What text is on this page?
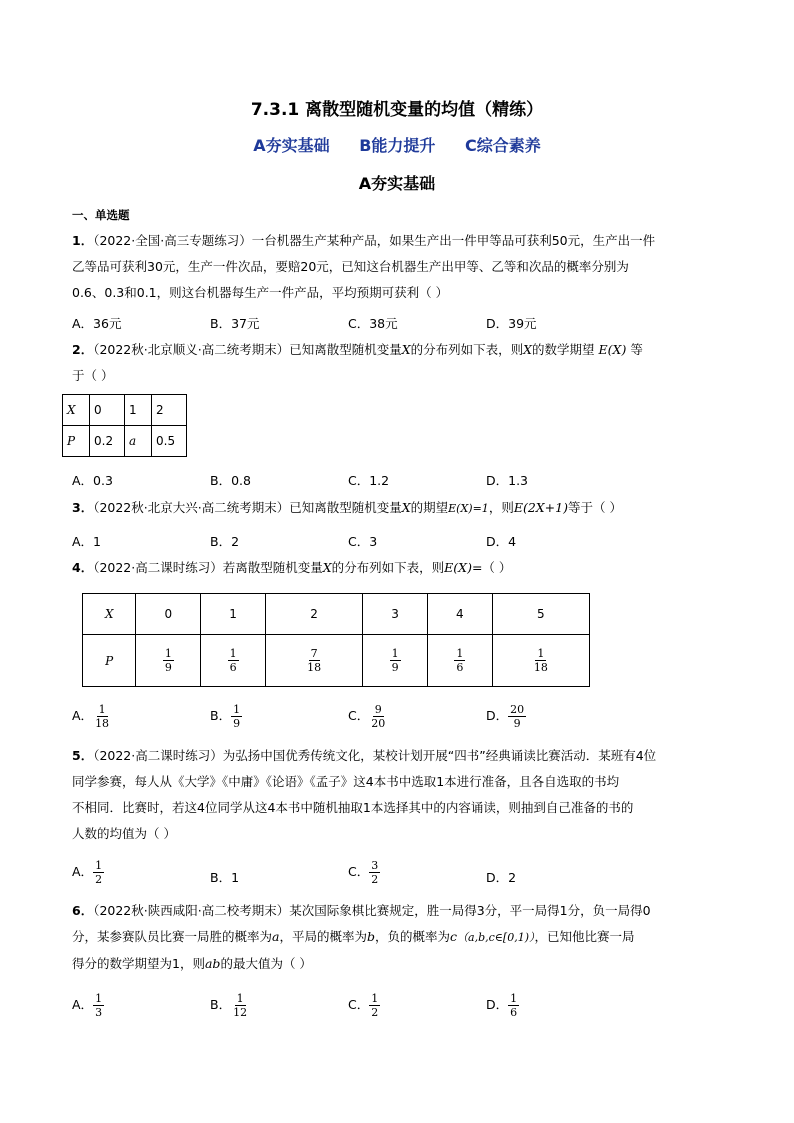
7.3.1 离散型随机变量的均值（精练）
A夯实基础 B能力提升 C综合素养
A夯实基础
一、单选题
1．（2022·全国·高三专题练习）一台机器生产某种产品，如果生产出一件甲等品可获利50元，生产出一件
乙等品可获利30元，生产一件次品，要赔20元，已知这台机器生产出甲等、乙等和次品的概率分别为
0.6、0.3和0.1，则这台机器每生产一件产品，平均预期可获利（ ）
A．36元	B．37元	C．38元	D．39元
2．（2022秋·北京顺义·高二统考期末）已知离散型随机变量X的分布列如下表，则X的数学期望 E(X) 等
于（ ）
X	0	1	2
P	0.2	a	0.5
A．0.3	B．0.8	C．1.2	D．1.3
3．（2022秋·北京大兴·高二统考期末）已知离散型随机变量X的期望E(X)=1，则E(2X+1)等于（ ）
A．1	B．2	C．3	D．4
4．（2022·高二课时练习）若离散型随机变量X的分布列如下表，则E(X)=（ ）
X	0	1	2	3	4	5
P	$\frac{1}{9}$	$\frac{1}{6}$	$\frac{7}{18}$	$\frac{1}{9}$	$\frac{1}{6}$	$\frac{1}{18}$
A． $\frac{1}{18}$	B． $\frac{1}{9}$	C． $\frac{9}{20}$	D． $\frac{20}{9}$
5．（2022·高二课时练习）为弘扬中国优秀传统文化，某校计划开展“四书”经典诵读比赛活动．某班有4位
同学参赛，每人从《大学》《中庸》《论语》《孟子》这4本书中选取1本进行准备，且各自选取的书均
不相同．比赛时，若这4位同学从这4本书中随机抽取1本选择其中的内容诵读，则抽到自己准备的书的
人数的均值为（ ）
A． $\frac{1}{2}$	B．1	C． $\frac{3}{2}$	D．2
6．（2022秋·陕西咸阳·高二校考期末）某次国际象棋比赛规定，胜一局得3分，平一局得1分，负一局得0
分，某参赛队员比赛一局胜的概率为a，平局的概率为b，负的概率为c（a,b,c∈[0,1)），已知他比赛一局
得分的数学期望为1，则ab的最大值为（ ）
A． $\frac{1}{3}$	B． $\frac{1}{12}$	C． $\frac{1}{2}$	D． $\frac{1}{6}$
